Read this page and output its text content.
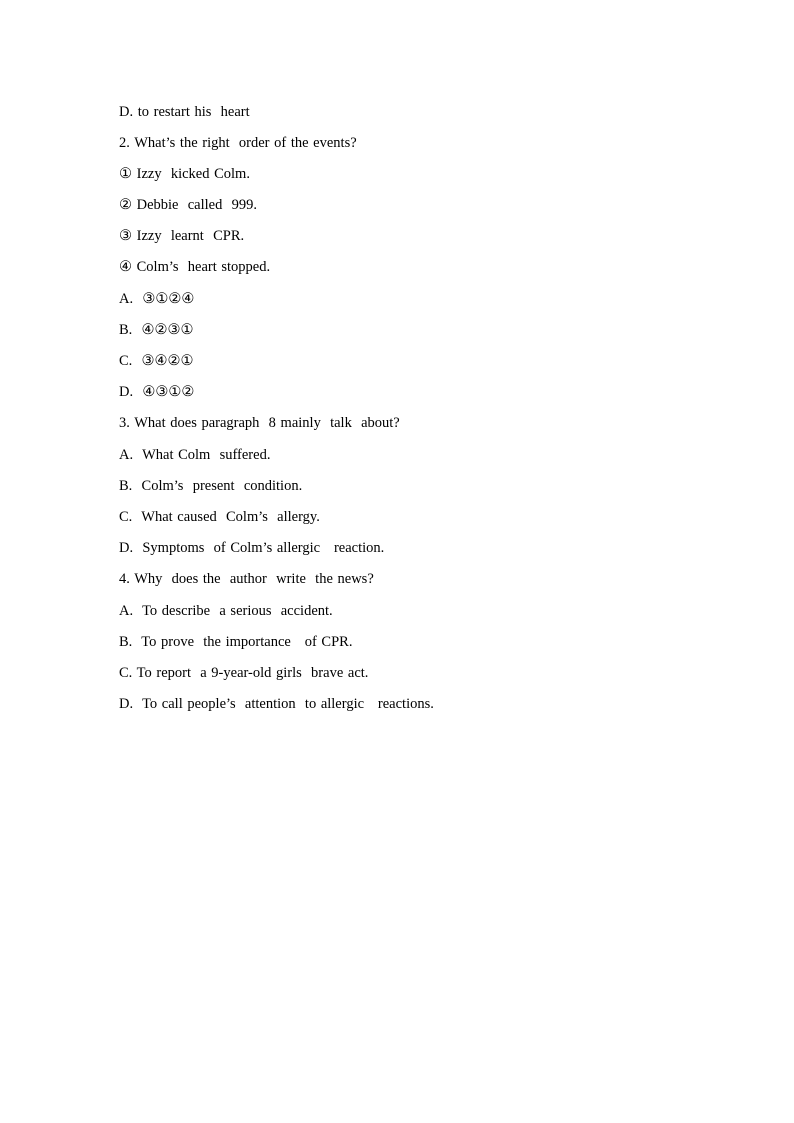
D. to restart his  heart
2. What’s the right  order of the events?
① Izzy  kicked Colm.
② Debbie  called  999.
③ Izzy  learnt  CPR.
④ Colm’s  heart stopped.
A.  ③①②④
B.  ④②③①
C.  ③④②①
D.  ④③①②
3. What does paragraph  8 mainly  talk  about?
A.  What Colm  suffered.
B.  Colm’s  present  condition.
C.  What caused  Colm’s  allergy.
D.  Symptoms  of Colm’s allergic   reaction.
4. Why  does the  author  write  the news?
A.  To describe  a serious  accident.
B.  To prove  the importance   of CPR.
C. To report  a 9-year-old girls  brave act.
D.  To call people’s  attention  to allergic   reactions.
